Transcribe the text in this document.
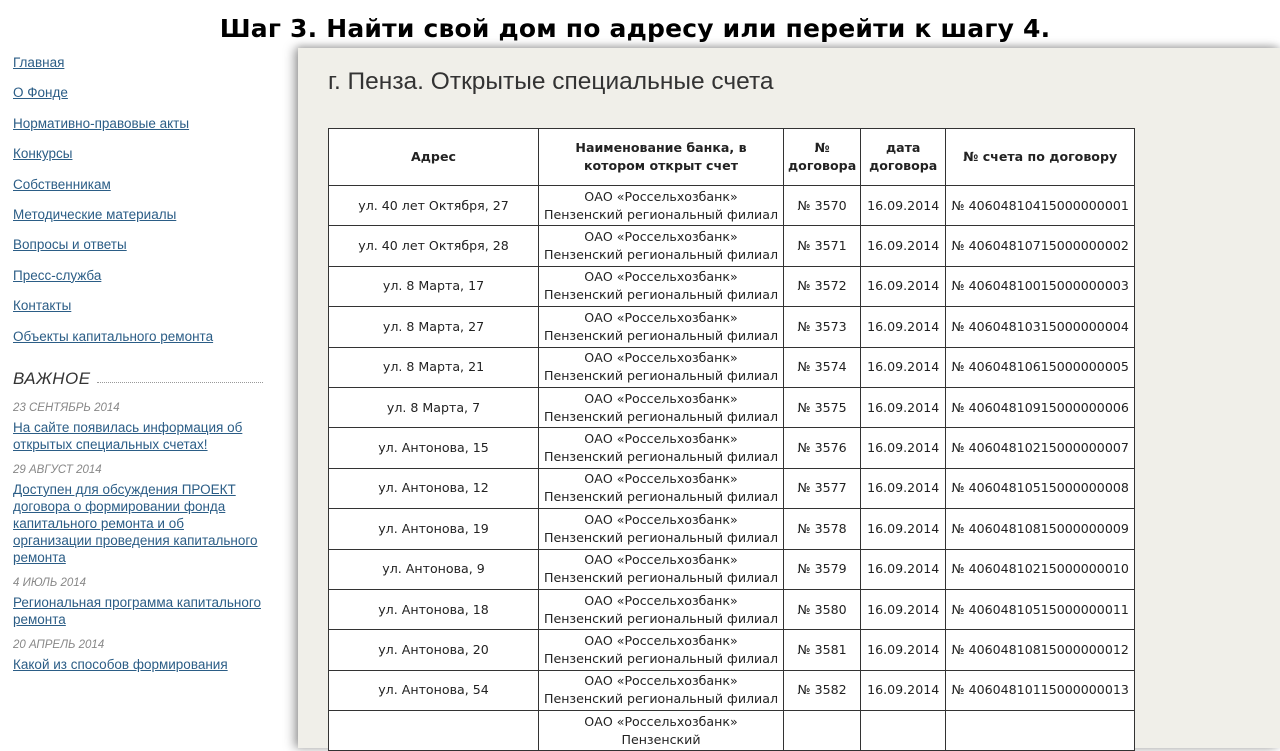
Шаг 3. Найти свой дом по адресу или перейти к шагу 4.
Главная
О Фонде
Нормативно-правовые акты
Конкурсы
Собственникам
Методические материалы
Вопросы и ответы
Пресс-служба
Контакты
Объекты капитального ремонта
ВАЖНОЕ
23 СЕНТЯБРЬ 2014
На сайте появилась информация об открытых специальных счетах!
29 АВГУСТ 2014
Доступен для обсуждения ПРОЕКТ договора о формировании фонда капитального ремонта и об организации проведения капитального ремонта
4 ИЮЛЬ 2014
Региональная программа капитального ремонта
20 АПРЕЛЬ 2014
Какой из способов формирования
г. Пенза. Открытые специальные счета
Адрес	Наименование банка, в котором открыт счет	№ договора	дата договора	№ счета по договору
ул. 40 лет Октября, 27	ОАО «Россельхозбанк» Пензенский региональный филиал	№ 3570	16.09.2014	№ 40604810415000000001
ул. 40 лет Октября, 28	ОАО «Россельхозбанк» Пензенский региональный филиал	№ 3571	16.09.2014	№ 40604810715000000002
ул. 8 Марта, 17	ОАО «Россельхозбанк» Пензенский региональный филиал	№ 3572	16.09.2014	№ 40604810015000000003
ул. 8 Марта, 27	ОАО «Россельхозбанк» Пензенский региональный филиал	№ 3573	16.09.2014	№ 40604810315000000004
ул. 8 Марта, 21	ОАО «Россельхозбанк» Пензенский региональный филиал	№ 3574	16.09.2014	№ 40604810615000000005
ул. 8 Марта, 7	ОАО «Россельхозбанк» Пензенский региональный филиал	№ 3575	16.09.2014	№ 40604810915000000006
ул. Антонова, 15	ОАО «Россельхозбанк» Пензенский региональный филиал	№ 3576	16.09.2014	№ 40604810215000000007
ул. Антонова, 12	ОАО «Россельхозбанк» Пензенский региональный филиал	№ 3577	16.09.2014	№ 40604810515000000008
ул. Антонова, 19	ОАО «Россельхозбанк» Пензенский региональный филиал	№ 3578	16.09.2014	№ 40604810815000000009
ул. Антонова, 9	ОАО «Россельхозбанк» Пензенский региональный филиал	№ 3579	16.09.2014	№ 40604810215000000010
ул. Антонова, 18	ОАО «Россельхозбанк» Пензенский региональный филиал	№ 3580	16.09.2014	№ 40604810515000000011
ул. Антонова, 20	ОАО «Россельхозбанк» Пензенский региональный филиал	№ 3581	16.09.2014	№ 40604810815000000012
ул. Антонова, 54	ОАО «Россельхозбанк» Пензенский региональный филиал	№ 3582	16.09.2014	№ 40604810115000000013
	ОАО «Россельхозбанк» Пензенский			
